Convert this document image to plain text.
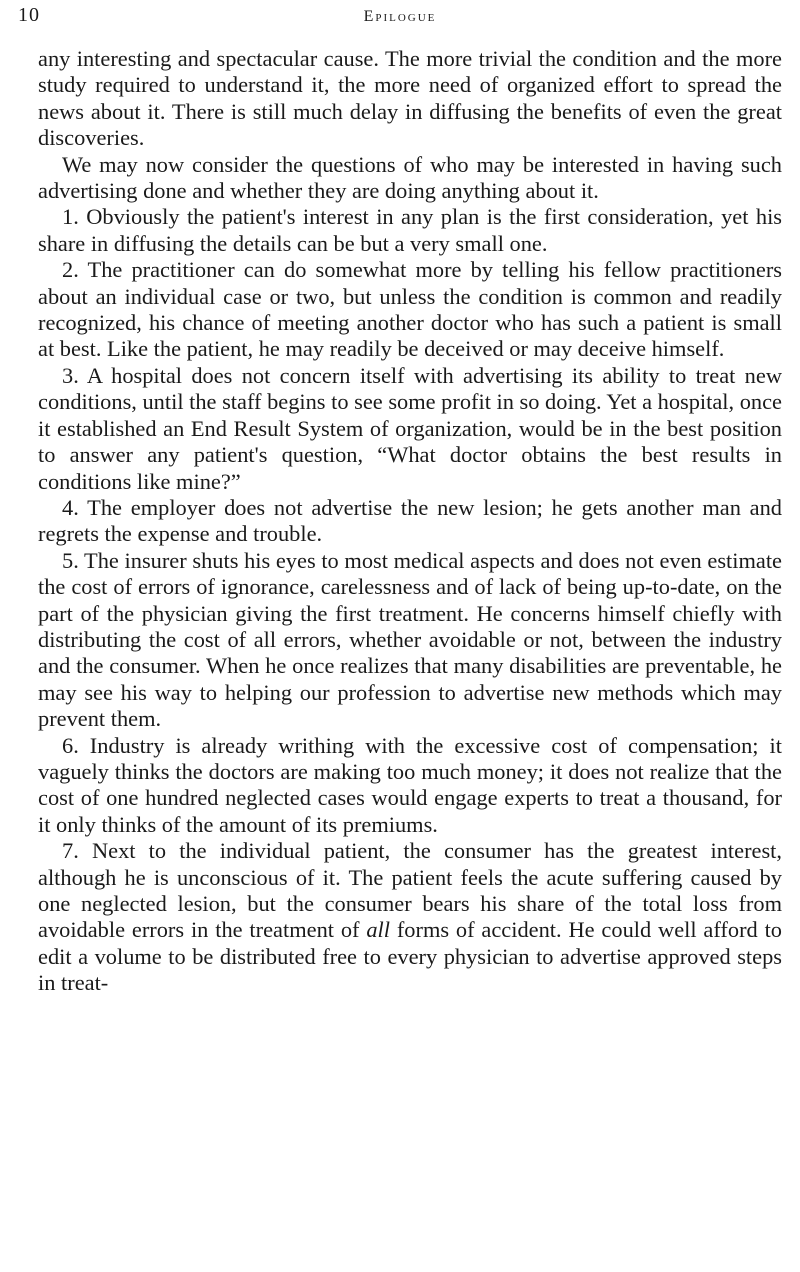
10	Epilogue

any interesting and spectacular cause. The more trivial the condition and the more study required to understand it, the more need of organized effort to spread the news about it. There is still much delay in diffusing the benefits of even the great discoveries.

We may now consider the questions of who may be interested in having such advertising done and whether they are doing anything about it.

1. Obviously the patient's interest in any plan is the first consideration, yet his share in diffusing the details can be but a very small one.

2. The practitioner can do somewhat more by telling his fellow practitioners about an individual case or two, but unless the condition is common and readily recognized, his chance of meeting another doctor who has such a patient is small at best. Like the patient, he may readily be deceived or may deceive himself.

3. A hospital does not concern itself with advertising its ability to treat new conditions, until the staff begins to see some profit in so doing. Yet a hospital, once it established an End Result System of organization, would be in the best position to answer any patient's question, “What doctor obtains the best results in conditions like mine?”

4. The employer does not advertise the new lesion; he gets another man and regrets the expense and trouble.

5. The insurer shuts his eyes to most medical aspects and does not even estimate the cost of errors of ignorance, carelessness and of lack of being up-to-date, on the part of the physician giving the first treatment. He concerns himself chiefly with distributing the cost of all errors, whether avoidable or not, between the industry and the consumer. When he once realizes that many disabilities are preventable, he may see his way to helping our profession to advertise new methods which may prevent them.

6. Industry is already writhing with the excessive cost of compensation; it vaguely thinks the doctors are making too much money; it does not realize that the cost of one hundred neglected cases would engage experts to treat a thousand, for it only thinks of the amount of its premiums.

7. Next to the individual patient, the consumer has the greatest interest, although he is unconscious of it. The patient feels the acute suffering caused by one neglected lesion, but the consumer bears his share of the total loss from avoidable errors in the treatment of all forms of accident. He could well afford to edit a volume to be distributed free to every physician to advertise approved steps in treat-
